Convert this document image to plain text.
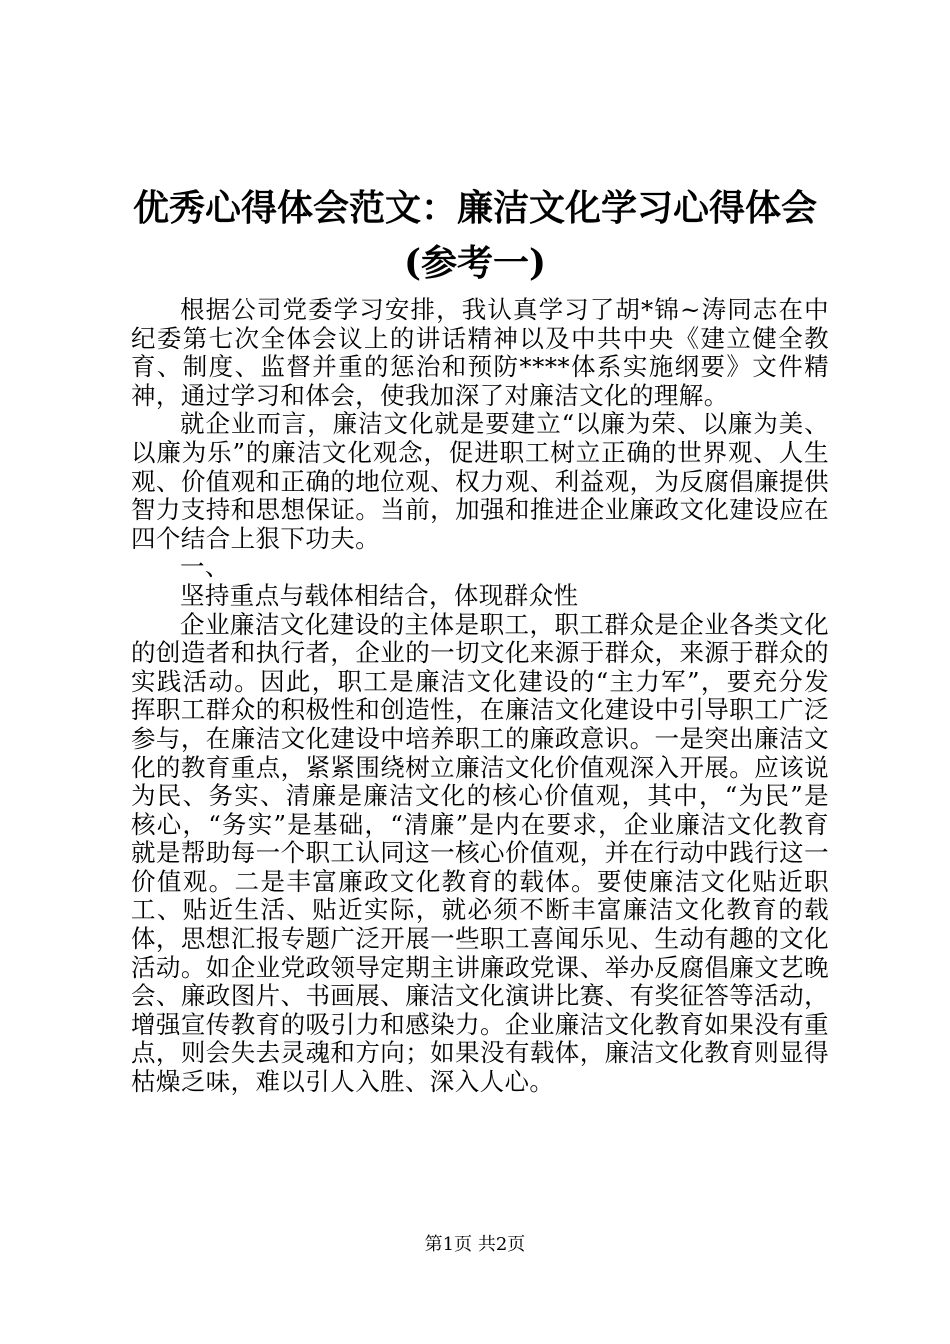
优秀心得体会范文：廉洁文化学习心得体会
(参考一)

根据公司党委学习安排，我认真学习了胡*锦~涛同志在中纪委第七次全体会议上的讲话精神以及中共中央《建立健全教育、制度、监督并重的惩治和预防****体系实施纲要》文件精神，通过学习和体会，使我加深了对廉洁文化的理解。

就企业而言，廉洁文化就是要建立“以廉为荣、以廉为美、以廉为乐”的廉洁文化观念，促进职工树立正确的世界观、人生观、价值观和正确的地位观、权力观、利益观，为反腐倡廉提供智力支持和思想保证。当前，加强和推进企业廉政文化建设应在四个结合上狠下功夫。

一、

坚持重点与载体相结合，体现群众性

企业廉洁文化建设的主体是职工，职工群众是企业各类文化的创造者和执行者，企业的一切文化来源于群众，来源于群众的实践活动。因此，职工是廉洁文化建设的“主力军”，要充分发挥职工群众的积极性和创造性，在廉洁文化建设中引导职工广泛参与，在廉洁文化建设中培养职工的廉政意识。一是突出廉洁文化的教育重点，紧紧围绕树立廉洁文化价值观深入开展。应该说为民、务实、清廉是廉洁文化的核心价值观，其中，“为民”是核心，“务实”是基础，“清廉”是内在要求，企业廉洁文化教育就是帮助每一个职工认同这一核心价值观，并在行动中践行这一价值观。二是丰富廉政文化教育的载体。要使廉洁文化贴近职工、贴近生活、贴近实际，就必须不断丰富廉洁文化教育的载体，思想汇报专题广泛开展一些职工喜闻乐见、生动有趣的文化活动。如企业党政领导定期主讲廉政党课、举办反腐倡廉文艺晚会、廉政图片、书画展、廉洁文化演讲比赛、有奖征答等活动，增强宣传教育的吸引力和感染力。企业廉洁文化教育如果没有重点，则会失去灵魂和方向；如果没有载体，廉洁文化教育则显得枯燥乏味，难以引人入胜、深入人心。

第1页 共2页
